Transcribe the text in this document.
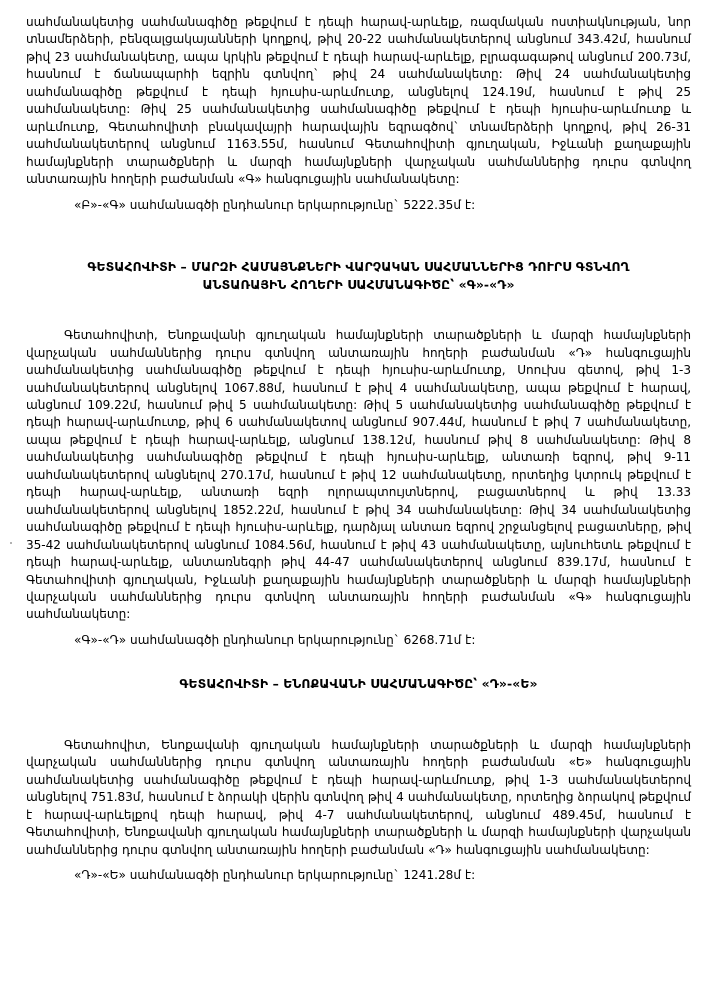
սահմանակետից սահմանագիծը թեքվում է դեպի հարավ-արևելք, ռազմական ոստիակնության, նոր տնամերձերի, բենզալցակայանների կողքով, թիվ 20-22 սահմանակետերով անցնում 343.42մ, հասնում թիվ 23 սահմանակետը, ապա կրկին թեքվում է դեպի հարավ-արևելք, բլրագագաթով անցնում 200.73մ, հասնում է ճանապարհի եզրին գտնվող` թիվ 24 սահմանակետը: Թիվ 24 սահմանակետից սահմանագիծը թեքվում է դեպի հյուսիս-արևմուտք, անցնելով 124.19մ, հասնում է թիվ 25 սահմանակետը: Թիվ 25 սահմանակետից սահմանագիծը թեքվում է դեպի հյուսիս-արևմուտք և արևմուտք, Գետահովիտի բնակավայրի հարավային եզրագծով` տնամերձերի կողքով, թիվ 26-31 սահմանակետերով անցնում 1163.55մ, հասնում Գետահովիտի գյուղական, Իջևանի քաղաքային համայնքների տարածքների և մարզի համայնքների վարչական սահմաններից դուրս գտնվող անտառային հողերի բաժանման «Գ» հանգուցային սահմանակետը:

«Բ»-«Գ» սահմանագծի ընդհանուր երկարությունը` 5222.35մ է:

ԳԵՏԱՀՈՎԻՏԻ – ՄԱՐԶԻ ՀԱՄԱՅՆՔՆԵՐԻ ՎԱՐՉԱԿԱՆ ՍԱՀՄԱՆՆԵՐԻՑ ԴՈՒՐՍ ԳՏՆՎՈՂ
ԱՆՏԱՌԱՅԻՆ ՀՈՂԵՐԻ ՍԱՀՄԱՆԱԳԻԾԸ՝ «Գ»-«Դ»

Գետահովիտի, Ենոքավանի գյուղական համայնքների տարածքների և մարզի համայնքների վարչական սահմաններից դուրս գտնվող անտառային հողերի բաժանման «Դ» հանգուցային սահմանակետից սահմանագիծը թեքվում է դեպի հյուսիս-արևմուտք, Սոուխս գետով, թիվ 1-3 սահմանակետերով անցնելով 1067.88մ, հասնում է թիվ 4 սահմանակետը, ապա թեքվում է հարավ, անցնում 109.22մ, հասնում թիվ 5 սահմանակետը: Թիվ 5 սահմանակետից սահմանագիծը թեքվում է դեպի հարավ-արևմուտք, թիվ 6 սահմանակետով անցնում 907.44մ, հասնում է թիվ 7 սահմանակետը, ապա թեքվում է դեպի հարավ-արևելք, անցնում 138.12մ, հասնում թիվ 8 սահմանակետը: Թիվ 8 սահմանակետից սահմանագիծը թեքվում է դեպի հյուսիս-արևելք, անտառի եզրով, թիվ 9-11 սահմանակետերով անցնելով 270.17մ, հասնում է թիվ 12 սահմանակետը, որտեղից կտրուկ թեքվում է դեպի հարավ-արևելք, անտառի եզրի ոլորապտույտներով, բացատներով և թիվ 13.33 սահմանակետերով անցնելով 1852.22մ, հասնում է թիվ 34 սահմանակետը: Թիվ 34 սահմանակետից սահմանագիծը թեքվում է դեպի հյուսիս-արևելք, դարձյալ անտառ եզրով շրջանցելով բացատները, թիվ 35-42 սահմանակետերով անցնում 1084.56մ, հասնում է թիվ 43 սահմանակետը, այնուհետև թեքվում է դեպի հարավ-արևելք, անտառնեգրի թիվ 44-47 սահմանակետերով անցնում 839.17մ, հասնում է Գետահովիտի գյուղական, Իջևանի քաղաքային համայնքների տարածքների և մարզի համայնքների վարչական սահմաններից դուրս գտնվող անտառային հողերի բաժանման «Գ» հանգուցային սահմանակետը:

«Գ»-«Դ» սահմանագծի ընդհանուր երկարությունը` 6268.71մ է:

ԳԵՏԱՀՈՎԻՏԻ – ԵՆՈՔԱՎԱՆԻ ՍԱՀՄԱՆԱԳԻԾԸ՝ «Դ»-«Ե»

Գետահովիտ, Ենոքավանի գյուղական համայնքների տարածքների և մարզի համայնքների վարչական սահմաններից դուրս գտնվող անտառային հողերի բաժանման «Ե» հանգուցային սահմանակետից սահմանագիծը թեքվում է դեպի հարավ-արևմուտք, թիվ 1-3 սահմանակետերով անցնելով 751.83մ, հասնում է ձորակի վերին գտնվող թիվ 4 սահմանակետը, որտեղից ձորակով թեքվում է հարավ-արևելքով դեպի հարավ, թիվ 4-7 սահմանակետերով, անցնում 489.45մ, հասնում է Գետահովիտի, Ենոքավանի գյուղական համայնքների տարածքների և մարզի համայնքների վարչական սահմաններից դուրս գտնվող անտառային հողերի բաժանման «Դ» հանգուցային սահմանակետը:

«Դ»-«Ե» սահմանագծի ընդհանուր երկարությունը` 1241.28մ է:
